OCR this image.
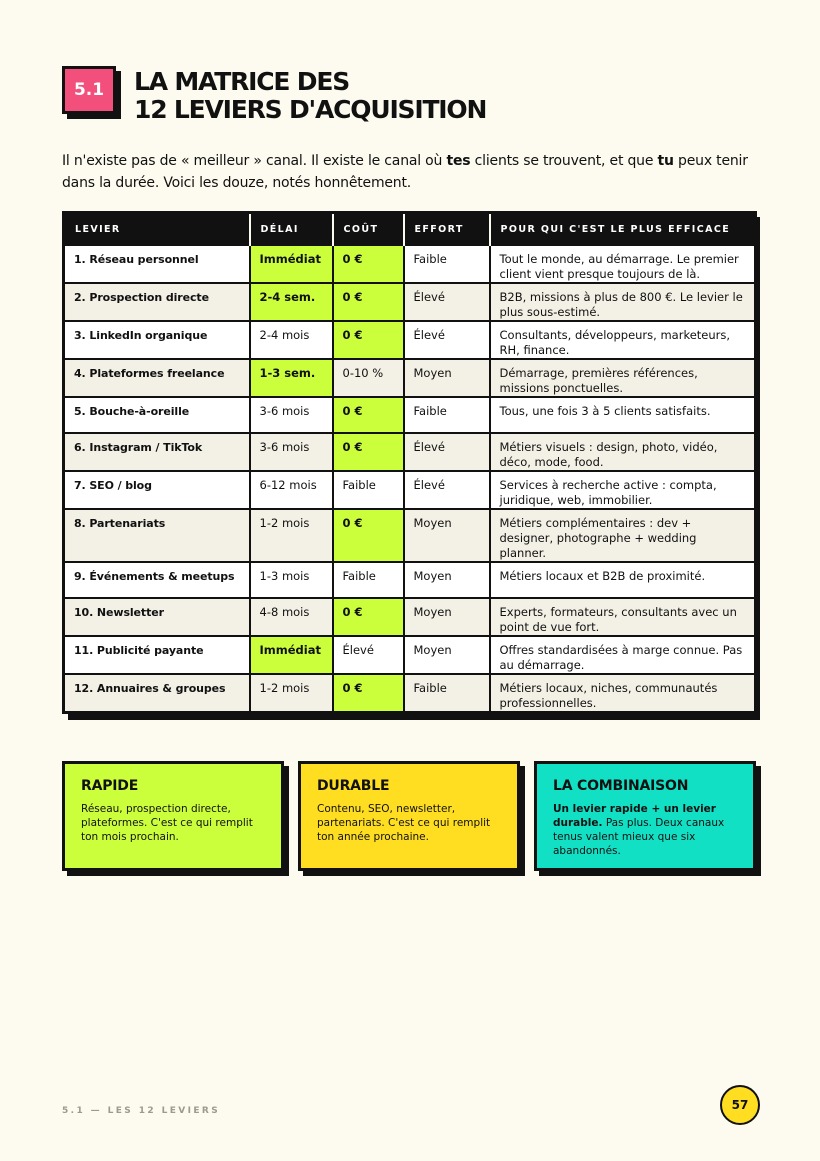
5.1 LA MATRICE DES
12 LEVIERS D'ACQUISITION

Il n'existe pas de « meilleur » canal. Il existe le canal où tes clients se trouvent, et que tu peux tenir dans la durée. Voici les douze, notés honnêtement.

LEVIER	DÉLAI	COÛT	EFFORT	POUR QUI C'EST LE PLUS EFFICACE
1. Réseau personnel	Immédiat	0 €	Faible	Tout le monde, au démarrage. Le premier client vient presque toujours de là.
2. Prospection directe	2-4 sem.	0 €	Élevé	B2B, missions à plus de 800 €. Le levier le plus sous-estimé.
3. LinkedIn organique	2-4 mois	0 €	Élevé	Consultants, développeurs, marketeurs, RH, finance.
4. Plateformes freelance	1-3 sem.	0-10 %	Moyen	Démarrage, premières références, missions ponctuelles.
5. Bouche-à-oreille	3-6 mois	0 €	Faible	Tous, une fois 3 à 5 clients satisfaits.
6. Instagram / TikTok	3-6 mois	0 €	Élevé	Métiers visuels : design, photo, vidéo, déco, mode, food.
7. SEO / blog	6-12 mois	Faible	Élevé	Services à recherche active : compta, juridique, web, immobilier.
8. Partenariats	1-2 mois	0 €	Moyen	Métiers complémentaires : dev + designer, photographe + wedding planner.
9. Événements & meetups	1-3 mois	Faible	Moyen	Métiers locaux et B2B de proximité.
10. Newsletter	4-8 mois	0 €	Moyen	Experts, formateurs, consultants avec un point de vue fort.
11. Publicité payante	Immédiat	Élevé	Moyen	Offres standardisées à marge connue. Pas au démarrage.
12. Annuaires & groupes	1-2 mois	0 €	Faible	Métiers locaux, niches, communautés professionnelles.
RAPIDE

Réseau, prospection directe, plateformes. C'est ce qui remplit ton mois prochain.

DURABLE

Contenu, SEO, newsletter, partenariats. C'est ce qui remplit ton année prochaine.

LA COMBINAISON

Un levier rapide + un levier durable. Pas plus. Deux canaux tenus valent mieux que six abandonnés.

5.1 — LES 12 LEVIERS	57
